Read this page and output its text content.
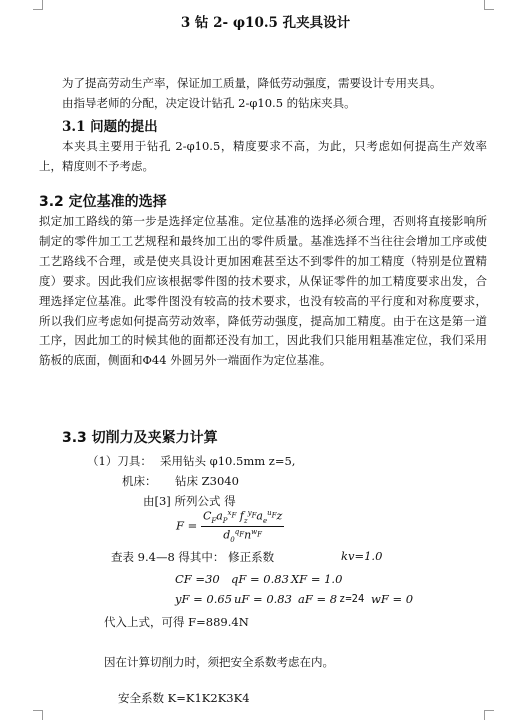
3 钻 2- φ10.5 孔夹具设计
为了提高劳动生产率，保证加工质量，降低劳动强度，需要设计专用夹具。
由指导老师的分配，决定设计钻孔 2-φ10.5 的钻床夹具。
3.1 问题的提出
本夹具主要用于钻孔 2-φ10.5，精度要求不高，为此，只考虑如何提高生产效率上，精度则不予考虑。
3.2 定位基准的选择
拟定加工路线的第一步是选择定位基准。定位基准的选择必须合理，否则将直接影响所制定的零件加工工艺规程和最终加工出的零件质量。基准选择不当往往会增加工序或使工艺路线不合理，或是使夹具设计更加困难甚至达不到零件的加工精度（特别是位置精度）要求。因此我们应该根据零件图的技术要求，从保证零件的加工精度要求出发，合理选择定位基准。此零件图没有较高的技术要求，也没有较高的平行度和对称度要求，所以我们应考虑如何提高劳动效率，降低劳动强度，提高加工精度。由于在这是第一道工序，因此加工的时候其他的面都还没有加工，因此我们只能用粗基准定位，我们采用筋板的底面，侧面和Φ44 外圆另外一端面作为定位基准。
3.3 切削力及夹紧力计算
（1）刀具： 采用钻头 φ10.5mm z=5,
机床： 钻床 Z3040
由[3] 所列公式 得
$F = \frac{C_Fa_P^{x_F} f_z^{y_F}a_e^{u_F}z}{d_0^{q_F}n^{w_F}}$
查表 9.4—8 得其中： 修正系数	kv=1.0
CF =30 qF = 0.83 XF = 1.0
yF = 0.65 uF = 0.83 aF = 8 z=24 wF = 0
代入上式，可得 F=889.4N
因在计算切削力时，须把安全系数考虑在内。
安全系数 K=K1K2K3K4
